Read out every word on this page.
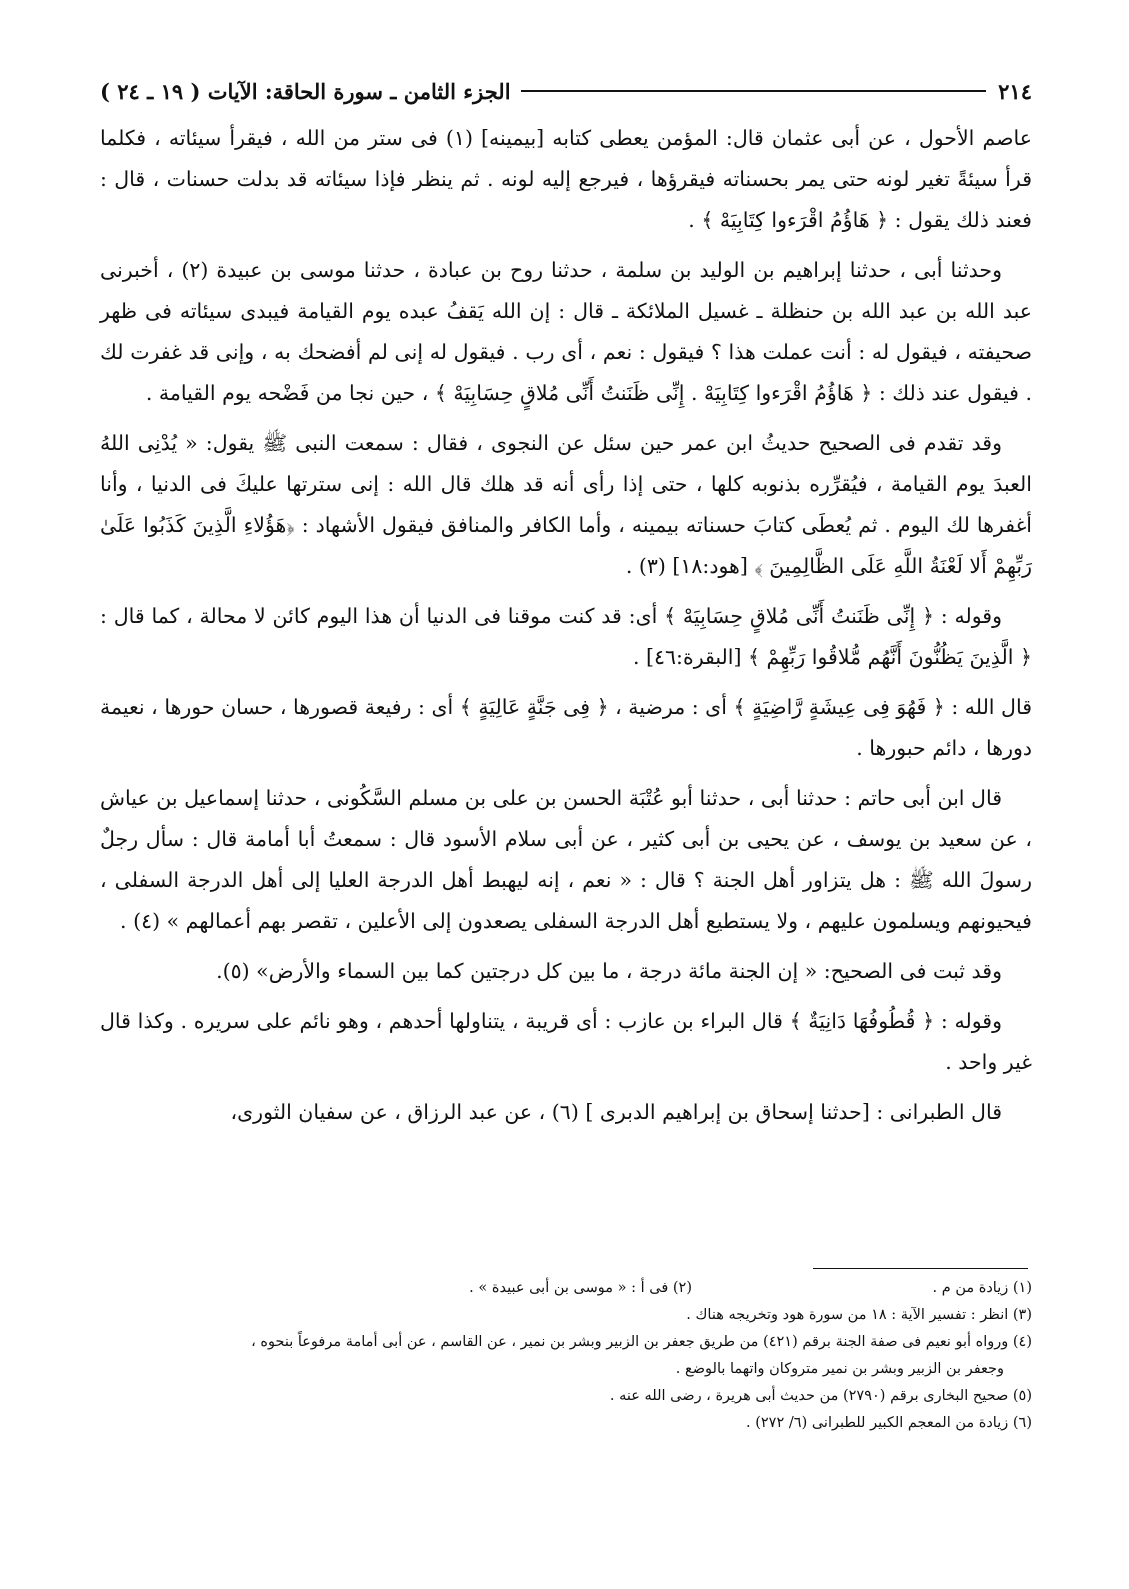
٢١٤
الجزء الثامن ـ سورة الحاقة: الآيات ( ١٩ ـ ٢٤ )

عاصم الأحول ، عن أبى عثمان قال: المؤمن يعطى كتابه [بيمينه] (١) فى ستر من الله ، فيقرأ سيئاته ، فكلما قرأ سيئةً تغير لونه حتى يمر بحسناته فيقرؤها ، فيرجع إليه لونه . ثم ينظر فإذا سيئاته قد بدلت حسنات ، قال : فعند ذلك يقول : ﴿ هَاؤُمُ اقْرَءوا كِتَابِيَهْ ﴾ .

وحدثنا أبى ، حدثنا إبراهيم بن الوليد بن سلمة ، حدثنا روح بن عبادة ، حدثنا موسى بن عبيدة (٢) ، أخبرنى عبد الله بن عبد الله بن حنظلة ـ غسيل الملائكة ـ قال : إن الله يَقفُ عبده يوم القيامة فيبدى سيئاته فى ظهر صحيفته ، فيقول له : أنت عملت هذا ؟ فيقول : نعم ، أى رب . فيقول له إنى لم أفضحك به ، وإنى قد غفرت لك . فيقول عند ذلك : ﴿ هَاؤُمُ اقْرَءوا كِتَابِيَهْ . إِنِّى ظَنَنتُ أَنِّى مُلاقٍ حِسَابِيَهْ ﴾ ، حين نجا من فَضْحه يوم القيامة .

وقد تقدم فى الصحيح حديثُ ابن عمر حين سئل عن النجوى ، فقال : سمعت النبى ﷺ يقول: « يُدْنِى اللهُ العبدَ يوم القيامة ، فيُقرِّره بذنوبه كلها ، حتى إذا رأى أنه قد هلك قال الله : إنى سترتها عليكَ فى الدنيا ، وأنا أغفرها لك اليوم . ثم يُعطَى كتابَ حسناته بيمينه ، وأما الكافر والمنافق فيقول الأشهاد : ﴿هَؤُلاءِ الَّذِينَ كَذَبُوا عَلَىٰ رَبِّهِمْ أَلا لَعْنَةُ اللَّهِ عَلَى الظَّالِمِينَ ﴾ [هود:١٨] (٣) .

وقوله : ﴿ إِنِّى ظَنَنتُ أَنِّى مُلاقٍ حِسَابِيَهْ ﴾ أى: قد كنت موقنا فى الدنيا أن هذا اليوم كائن لا محالة ، كما قال : ﴿ الَّذِينَ يَظُنُّونَ أَنَّهُم مُّلاقُوا رَبِّهِمْ ﴾ [البقرة:٤٦] .

قال الله : ﴿ فَهُوَ فِى عِيشَةٍ رَّاضِيَةٍ ﴾ أى : مرضية ، ﴿ فِى جَنَّةٍ عَالِيَةٍ ﴾ أى : رفيعة قصورها ، حسان حورها ، نعيمة دورها ، دائم حبورها .

قال ابن أبى حاتم : حدثنا أبى ، حدثنا أبو عُتْبَة الحسن بن على بن مسلم السَّكُونى ، حدثنا إسماعيل بن عياش ، عن سعيد بن يوسف ، عن يحيى بن أبى كثير ، عن أبى سلام الأسود قال : سمعتُ أبا أمامة قال : سأل رجلٌ رسولَ الله ﷺ : هل يتزاور أهل الجنة ؟ قال : « نعم ، إنه ليهبط أهل الدرجة العليا إلى أهل الدرجة السفلى ، فيحيونهم ويسلمون عليهم ، ولا يستطيع أهل الدرجة السفلى يصعدون إلى الأعلين ، تقصر بهم أعمالهم » (٤) .

وقد ثبت فى الصحيح: « إن الجنة مائة درجة ، ما بين كل درجتين كما بين السماء والأرض» (٥).

وقوله : ﴿ قُطُوفُهَا دَانِيَةٌ ﴾ قال البراء بن عازب : أى قريبة ، يتناولها أحدهم ، وهو نائم على سريره . وكذا قال غير واحد .

قال الطبرانى : [حدثنا إسحاق بن إبراهيم الدبرى ] (٦) ، عن عبد الرزاق ، عن سفيان الثورى،

(١) زيادة من م .
(٢) فى أ : « موسى بن أبى عبيدة » .
(٣) انظر : تفسير الآية : ١٨ من سورة هود وتخريجه هناك .
(٤) ورواه أبو نعيم فى صفة الجنة برقم (٤٢١) من طريق جعفر بن الزبير وبشر بن نمير ، عن القاسم ، عن أبى أمامة مرفوعاً بنحوه ،
وجعفر بن الزبير وبشر بن نمير متروكان واتهما بالوضع .
(٥) صحيح البخارى برقم (٢٧٩٠) من حديث أبى هريرة ، رضى الله عنه .
(٦) زيادة من المعجم الكبير للطبرانى (٦/ ٢٧٢) .
